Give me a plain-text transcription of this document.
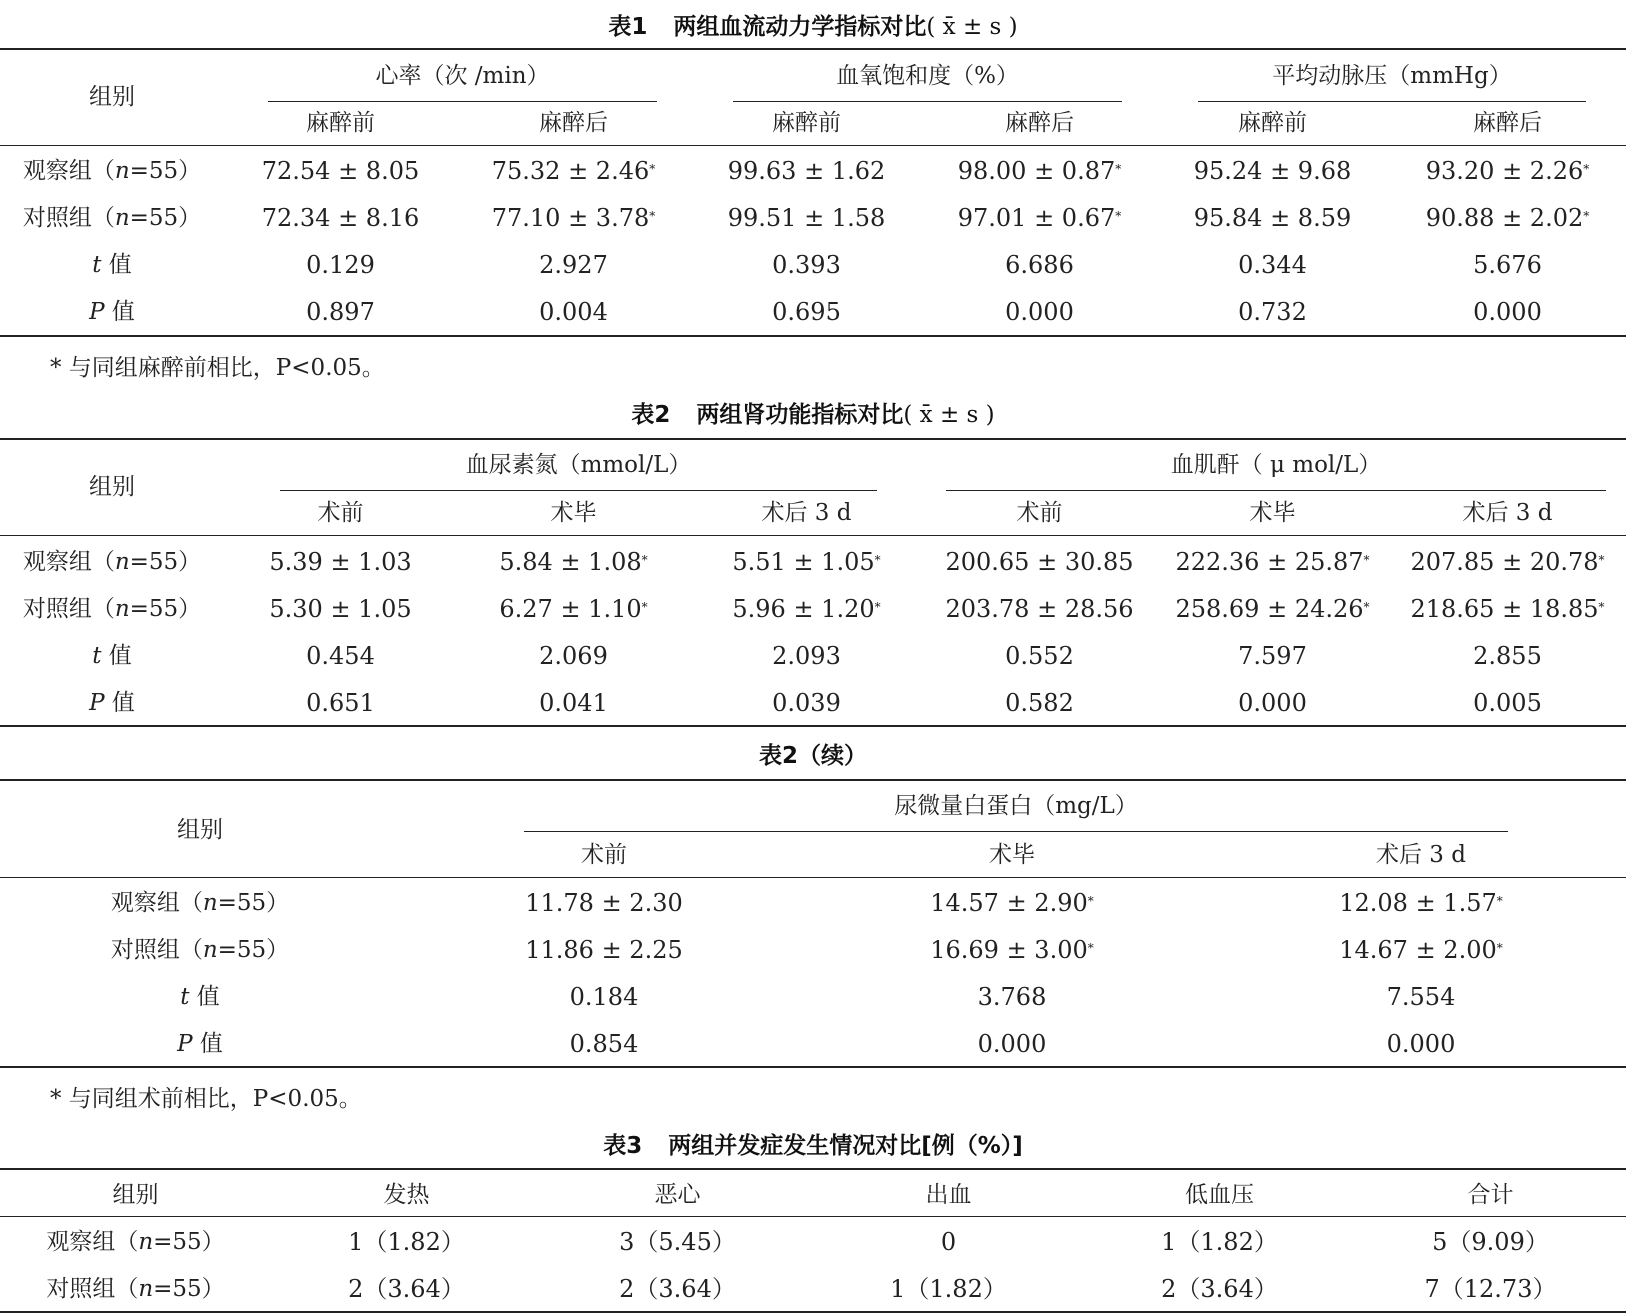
表1 两组血流动力学指标对比( x̄ ± s )
组别
心率（次 /min）	血氧饱和度（%）	平均动脉压（mmHg）
麻醉前	麻醉后	麻醉前	麻醉后	麻醉前	麻醉后
观察组（n=55）	72.54 ± 8.05	75.32 ± 2.46*	99.63 ± 1.62	98.00 ± 0.87*	95.24 ± 9.68	93.20 ± 2.26*
对照组（n=55）	72.34 ± 8.16	77.10 ± 3.78*	99.51 ± 1.58	97.01 ± 0.67*	95.84 ± 8.59	90.88 ± 2.02*
t 值	0.129	2.927	0.393	6.686	0.344	5.676
P 值	0.897	0.004	0.695	0.000	0.732	0.000
* 与同组麻醉前相比，P<0.05。
表2 两组肾功能指标对比( x̄ ± s )
组别
血尿素氮（mmol/L）	血肌酐（ μ mol/L）
术前	术毕	术后 3 d	术前	术毕	术后 3 d
观察组（n=55）	5.39 ± 1.03	5.84 ± 1.08*	5.51 ± 1.05*	200.65 ± 30.85	222.36 ± 25.87*	207.85 ± 20.78*
对照组（n=55）	5.30 ± 1.05	6.27 ± 1.10*	5.96 ± 1.20*	203.78 ± 28.56	258.69 ± 24.26*	218.65 ± 18.85*
t 值	0.454	2.069	2.093	0.552	7.597	2.855
P 值	0.651	0.041	0.039	0.582	0.000	0.005
表2（续）
组别
尿微量白蛋白（mg/L）
术前	术毕	术后 3 d
观察组（n=55）	11.78 ± 2.30	14.57 ± 2.90*	12.08 ± 1.57*
对照组（n=55）	11.86 ± 2.25	16.69 ± 3.00*	14.67 ± 2.00*
t 值	0.184	3.768	7.554
P 值	0.854	0.000	0.000
* 与同组术前相比，P<0.05。
表3 两组并发症发生情况对比[例（%）]
组别	发热	恶心	出血	低血压	合计
观察组（n=55）	1（1.82）	3（5.45）	0	1（1.82）	5（9.09）
对照组（n=55）	2（3.64）	2（3.64）	1（1.82）	2（3.64）	7（12.73）
